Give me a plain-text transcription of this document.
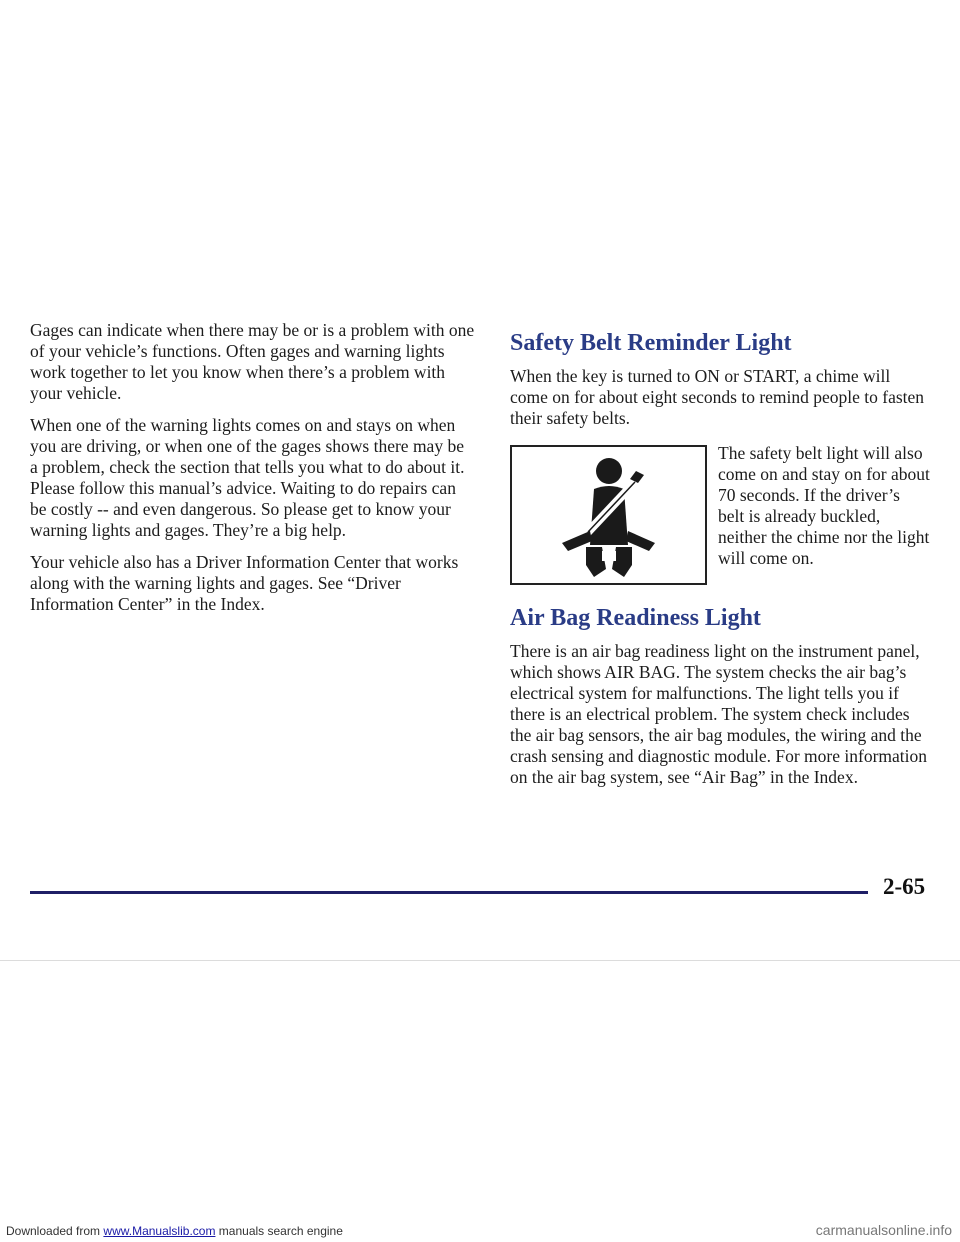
Gages can indicate when there may be or is a problem with one of your vehicle’s functions. Often gages and warning lights work together to let you know when there’s a problem with your vehicle.

When one of the warning lights comes on and stays on when you are driving, or when one of the gages shows there may be a problem, check the section that tells you what to do about it. Please follow this manual’s advice. Waiting to do repairs can be costly -- and even dangerous. So please get to know your warning lights and gages. They’re a big help.

Your vehicle also has a Driver Information Center that works along with the warning lights and gages. See “Driver Information Center” in the Index.

Safety Belt Reminder Light

When the key is turned to ON or START, a chime will come on for about eight seconds to remind people to fasten their safety belts.

The safety belt light will also come on and stay on for about 70 seconds. If the driver’s belt is already buckled, neither the chime nor the light will come on.

Air Bag Readiness Light

There is an air bag readiness light on the instrument panel, which shows AIR BAG. The system checks the air bag’s electrical system for malfunctions. The light tells you if there is an electrical problem. The system check includes the air bag sensors, the air bag modules, the wiring and the crash sensing and diagnostic module. For more information on the air bag system, see “Air Bag” in the Index.

2-65
Downloaded from www.Manualslib.com manuals search engine	carmanualsonline.info
